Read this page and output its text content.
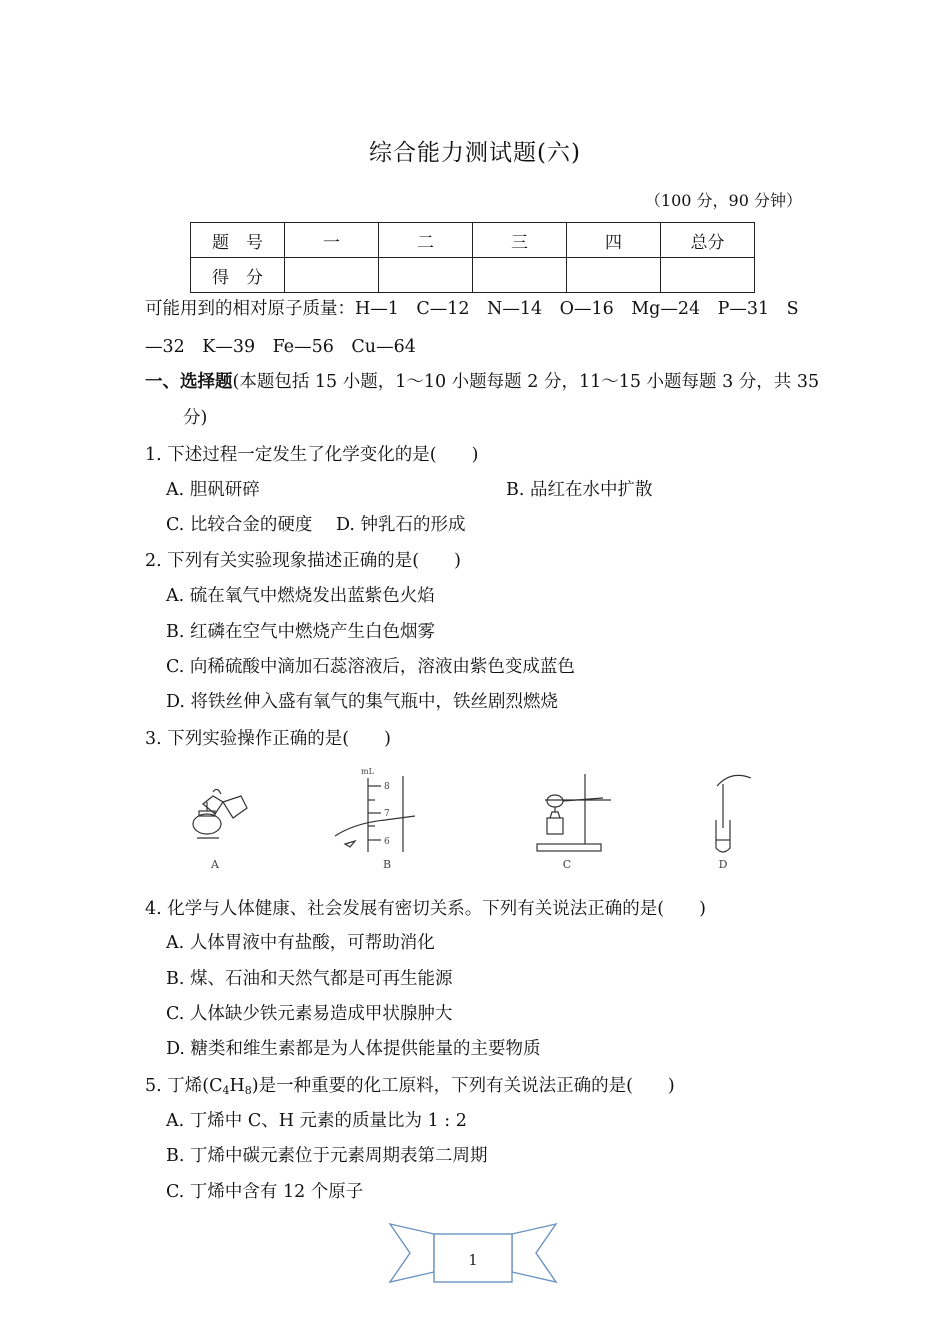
综合能力测试题(六)
（100 分，90 分钟）
题　号	一	二	三	四	总分
得　分					
可能用到的相对原子质量：H—1　C—12　N—14　O—16　Mg—24　P—31　S
—32　K—39　Fe—56　Cu—64
一、选择题(本题包括 15 小题，1～10 小题每题 2 分，11～15 小题每题 3 分，共 35
分)
1. 下述过程一定发生了化学变化的是(　　)
A. 胆矾研碎	B. 品红在水中扩散
C. 比较合金的硬度 D. 钟乳石的形成
2. 下列有关实验现象描述正确的是(　　)
A. 硫在氧气中燃烧发出蓝紫色火焰
B. 红磷在空气中燃烧产生白色烟雾
C. 向稀硫酸中滴加石蕊溶液后，溶液由紫色变成蓝色
D. 将铁丝伸入盛有氧气的集气瓶中，铁丝剧烈燃烧
3. 下列实验操作正确的是(　　)
A
mL
8
7
6
B	C	D
4. 化学与人体健康、社会发展有密切关系。下列有关说法正确的是(　　)
A. 人体胃液中有盐酸，可帮助消化
B. 煤、石油和天然气都是可再生能源
C. 人体缺少铁元素易造成甲状腺肿大
D. 糖类和维生素都是为人体提供能量的主要物质
5. 丁烯$(C_4H_8)$是一种重要的化工原料，下列有关说法正确的是(　　)
A. 丁烯中 C、H 元素的质量比为 1 : 2
B. 丁烯中碳元素位于元素周期表第二周期
C. 丁烯中含有 12 个原子
1
